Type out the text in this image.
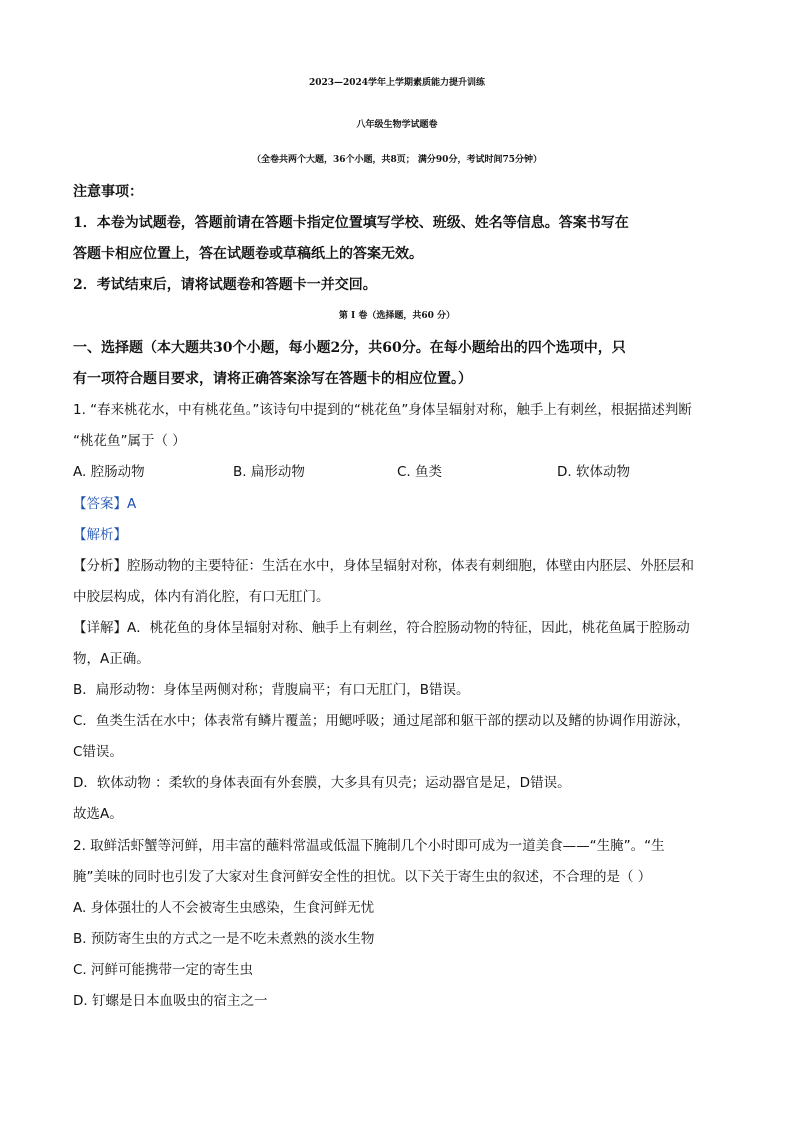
2023—2024学年上学期素质能力提升训练
八年级生物学试题卷
（全卷共两个大题，36个小题，共8页； 满分90分，考试时间75分钟）
注意事项：
1．本卷为试题卷，答题前请在答题卡指定位置填写学校、班级、姓名等信息。答案书写在
答题卡相应位置上，答在试题卷或草稿纸上的答案无效。
2．考试结束后，请将试题卷和答题卡一并交回。
第 I 卷（选择题，共60 分）
一、选择题（本大题共30个小题，每小题2分，共60分。在每小题给出的四个选项中，只
有一项符合题目要求，请将正确答案涂写在答题卡的相应位置。）
1. “春来桃花水，中有桃花鱼。”该诗句中提到的“桃花鱼”身体呈辐射对称，触手上有刺丝，根据描述判断
“桃花鱼”属于（ ）
A. 腔肠动物	B. 扁形动物	C. 鱼类	D. 软体动物
【答案】A
【解析】
【分析】腔肠动物的主要特征：生活在水中，身体呈辐射对称，体表有刺细胞，体壁由内胚层、外胚层和
中胶层构成，体内有消化腔，有口无肛门。
【详解】A．桃花鱼的身体呈辐射对称、触手上有刺丝，符合腔肠动物的特征，因此，桃花鱼属于腔肠动
物，A正确。
B．扁形动物：身体呈两侧对称；背腹扁平；有口无肛门，B错误。
C．鱼类生活在水中；体表常有鳞片覆盖；用鳃呼吸；通过尾部和躯干部的摆动以及鳍的协调作用游泳，
C错误。
D．软体动物 ：柔软的身体表面有外套膜，大多具有贝壳；运动器官是足，D错误。
故选A。
2. 取鲜活虾蟹等河鲜，用丰富的蘸料常温或低温下腌制几个小时即可成为一道美食——“生腌”。“生
腌”美味的同时也引发了大家对生食河鲜安全性的担忧。以下关于寄生虫的叙述，不合理的是（ ）
A. 身体强壮的人不会被寄生虫感染，生食河鲜无忧
B. 预防寄生虫的方式之一是不吃未煮熟的淡水生物
C. 河鲜可能携带一定的寄生虫
D. 钉螺是日本血吸虫的宿主之一
